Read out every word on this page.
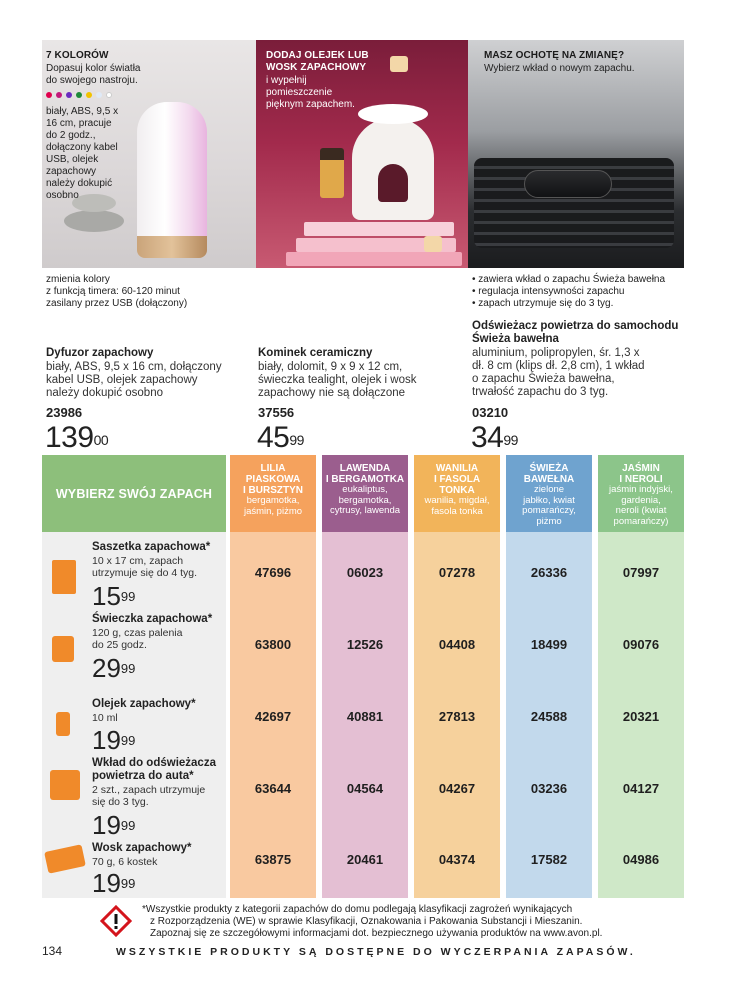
7 KOLORÓW
Dopasuj kolor światła
do swojego nastroju.
biały, ABS, 9,5 x
16 cm, pracuje
do 2 godz.,
dołączony kabel
USB, olejek
zapachowy
należy dokupić
osobno
DODAJ OLEJEK LUB
WOSK ZAPACHOWY
i wypełnij
pomieszczenie
pięknym zapachem.
MASZ OCHOTĘ NA ZMIANĘ?
Wybierz wkład o nowym zapachu.
zmienia kolory
z funkcją timera: 60-120 minut
zasilany przez USB (dołączony)
Dyfuzor zapachowy
biały, ABS, 9,5 x 16 cm, dołączony
kabel USB, olejek zapachowy
należy dokupić osobno
23986
$139^{00}$
Kominek ceramiczny
biały, dolomit, 9 x 9 x 12 cm,
świeczka tealight, olejek i wosk
zapachowy nie są dołączone
37556
$45^{99}$
• zawiera wkład o zapachu Świeża bawełna
• regulacja intensywności zapachu
• zapach utrzymuje się do 3 tyg.
Odświeżacz powietrza do samochodu
Świeża bawełna
aluminium, polipropylen, śr. 1,3 x
dł. 8 cm (klips dł. 2,8 cm), 1 wkład
o zapachu Świeża bawełna,
trwałość zapachu do 3 tyg.
03210
$34^{99}$
WYBIERZ SWÓJ ZAPACH
LILIA
PIASKOWA
I BURSZTYN
bergamotka,
jaśmin, piżmo
47696
63800
42697
63644
63875
LAWENDA
I BERGAMOTKA
eukaliptus,
bergamotka,
cytrusy, lawenda
06023
12526
40881
04564
20461
WANILIA
I FASOLA
TONKA
wanilia, migdał,
fasola tonka
07278
04408
27813
04267
04374
ŚWIEŻA
BAWEŁNA
zielone
jabłko, kwiat
pomarańczy,
piżmo
26336
18499
24588
03236
17582
JAŚMIN
I NEROLI
jaśmin indyjski,
gardenia,
neroli (kwiat
pomarańczy)
07997
09076
20321
04127
04986
Saszetka zapachowa*
10 x 17 cm, zapach
utrzymuje się do 4 tyg.
$15^{99}$
Świeczka zapachowa*
120 g, czas palenia
do 25 godz.
$29^{99}$
Olejek zapachowy*
10 ml
$19^{99}$
Wkład do odświeżacza
powietrza do auta*
2 szt., zapach utrzymuje
się do 3 tyg.
$19^{99}$
Wosk zapachowy*
70 g, 6 kostek
$19^{99}$
*Wszystkie produkty z kategorii zapachów do domu podlegają klasyfikacji zagrożeń wynikających
z Rozporządzenia (WE) w sprawie Klasyfikacji, Oznakowania i Pakowania Substancji i Mieszanin.
Zapoznaj się ze szczegółowymi informacjami dot. bezpiecznego używania produktów na www.avon.pl.
134	WSZYSTKIE PRODUKTY SĄ DOSTĘPNE DO WYCZERPANIA ZAPASÓW.
